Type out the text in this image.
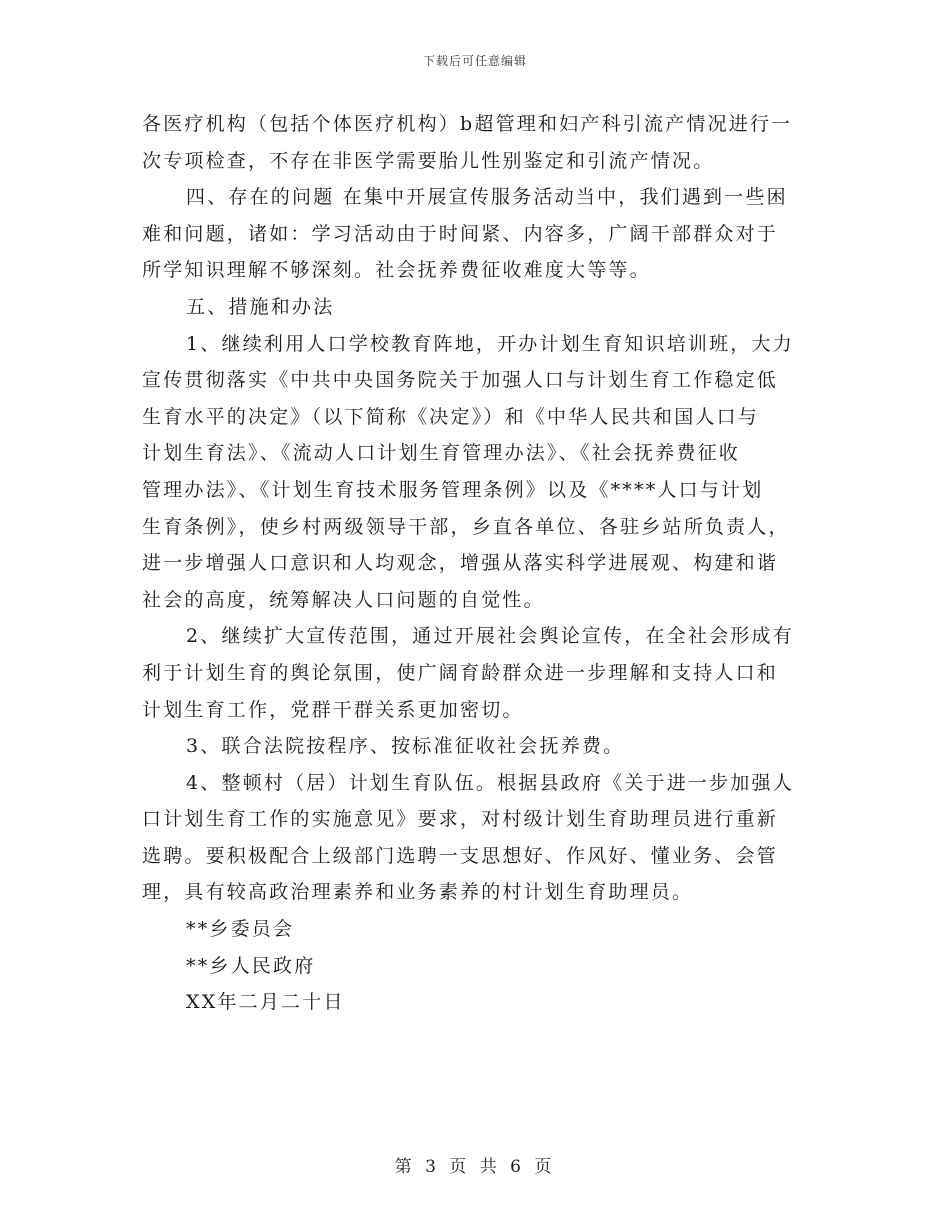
下载后可任意编辑
各医疗机构（包括个体医疗机构）b超管理和妇产科引流产情况进行一
次专项检查，不存在非医学需要胎儿性别鉴定和引流产情况。
四、存在的问题 在集中开展宣传服务活动当中，我们遇到一些困
难和问题，诸如：学习活动由于时间紧、内容多，广阔干部群众对于
所学知识理解不够深刻。社会抚养费征收难度大等等。
五、措施和办法
1、继续利用人口学校教育阵地，开办计划生育知识培训班，大力
宣传贯彻落实《中共中央国务院关于加强人口与计划生育工作稳定低
生育水平的决定》（以下简称《决定》）和《中华人民共和国人口与
计划生育法》、《流动人口计划生育管理办法》、《社会抚养费征收
管理办法》、《计划生育技术服务管理条例》以及《****人口与计划
生育条例》，使乡村两级领导干部，乡直各单位、各驻乡站所负责人，
进一步增强人口意识和人均观念，增强从落实科学进展观、构建和谐
社会的高度，统筹解决人口问题的自觉性。
2、继续扩大宣传范围，通过开展社会舆论宣传，在全社会形成有
利于计划生育的舆论氛围，使广阔育龄群众进一步理解和支持人口和
计划生育工作，党群干群关系更加密切。
3、联合法院按程序、按标准征收社会抚养费。
4、整顿村（居）计划生育队伍。根据县政府《关于进一步加强人
口计划生育工作的实施意见》要求，对村级计划生育助理员进行重新
选聘。要积极配合上级部门选聘一支思想好、作风好、懂业务、会管
理，具有较高政治理素养和业务素养的村计划生育助理员。
**乡委员会
**乡人民政府
XX年二月二十日
第 3 页 共 6 页
